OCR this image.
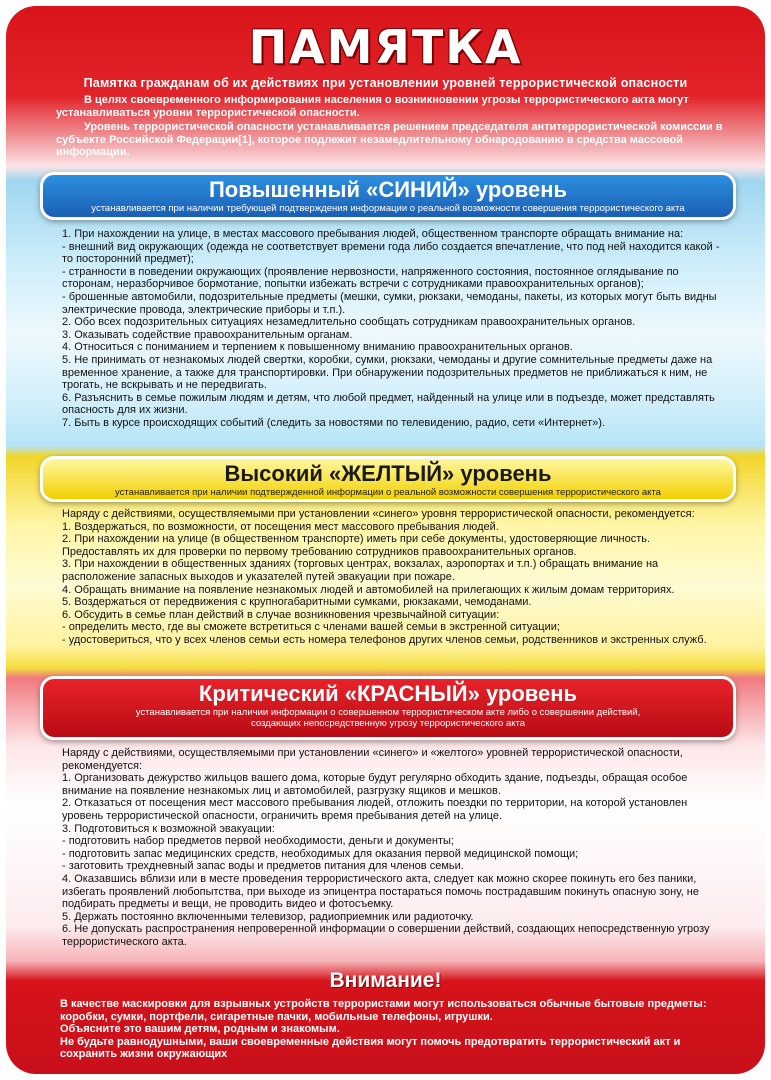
ПАМЯТКА
Памятка гражданам об их действиях при установлении уровней террористической опасности

В целях своевременного информирования населения о возникновении угрозы террористического акта могут устанавливаться уровни террористической опасности.

Уровень террористической опасности устанавливается решением председателя антитеррористической комиссии в субъекте Российской Федерации[1], которое подлежит незамедлительному обнародованию в средства массовой информации.

Повышенный «СИНИЙ» уровень
устанавливается при наличии требующей подтверждения информации о реальной возможности совершения террористического акта
1. При нахождении на улице, в местах массового пребывания людей, общественном транспорте обращать внимание на:
- внешний вид окружающих (одежда не соответствует времени года либо создается впечатление, что под ней находится какой - то посторонний предмет);
- странности в поведении окружающих (проявление нервозности, напряженного состояния, постоянное оглядывание по сторонам, неразборчивое бормотание, попытки избежать встречи с сотрудниками правоохранительных органов);
- брошенные автомобили, подозрительные предметы (мешки, сумки, рюкзаки, чемоданы, пакеты, из которых могут быть видны электрические провода, электрические приборы и т.п.).
2. Обо всех подозрительных ситуациях незамедлительно сообщать сотрудникам правоохранительных органов.
3. Оказывать содействие правоохранительным органам.
4. Относиться с пониманием и терпением к повышенному вниманию правоохранительных органов.
5. Не принимать от незнакомых людей свертки, коробки, сумки, рюкзаки, чемоданы и другие сомнительные предметы даже на временное хранение, а также для транспортировки. При обнаружении подозрительных предметов не приближаться к ним, не трогать, не вскрывать и не передвигать.
6. Разъяснить в семье пожилым людям и детям, что любой предмет, найденный на улице или в подъезде, может представлять опасность для их жизни.
7. Быть в курсе происходящих событий (следить за новостями по телевидению, радио, сети «Интернет»).
Высокий «ЖЕЛТЫЙ» уровень
устанавливается при наличии подтвержденной информации о реальной возможности совершения террористического акта
Наряду с действиями, осуществляемыми при установлении «синего» уровня террористической опасности, рекомендуется:
1. Воздержаться, по возможности, от посещения мест массового пребывания людей.
2. При нахождении на улице (в общественном транспорте) иметь при себе документы, удостоверяющие личность. Предоставлять их для проверки по первому требованию сотрудников правоохранительных органов.
3. При нахождении в общественных зданиях (торговых центрах, вокзалах, аэропортах и т.п.) обращать внимание на расположение запасных выходов и указателей путей эвакуации при пожаре.
4. Обращать внимание на появление незнакомых людей и автомобилей на прилегающих к жилым домам территориях.
5. Воздержаться от передвижения с крупногабаритными сумками, рюкзаками, чемоданами.
6. Обсудить в семье план действий в случае возникновения чрезвычайной ситуации:
- определить место, где вы сможете встретиться с членами вашей семьи в экстренной ситуации;
- удостовериться, что у всех членов семьи есть номера телефонов других членов семьи, родственников и экстренных служб.
Критический «КРАСНЫЙ» уровень
устанавливается при наличии информации о совершенном террористическом акте либо о совершении действий,
создающих непосредственную угрозу террористического акта
Наряду с действиями, осуществляемыми при установлении «синего» и «желтого» уровней террористической опасности, рекомендуется:
1. Организовать дежурство жильцов вашего дома, которые будут регулярно обходить здание, подъезды, обращая особое внимание на появление незнакомых лиц и автомобилей, разгрузку ящиков и мешков.
2. Отказаться от посещения мест массового пребывания людей, отложить поездки по территории, на которой установлен уровень террористической опасности, ограничить время пребывания детей на улице.
3. Подготовиться к возможной эвакуации:
- подготовить набор предметов первой необходимости, деньги и документы;
- подготовить запас медицинских средств, необходимых для оказания первой медицинской помощи;
- заготовить трехдневный запас воды и предметов питания для членов семьи.
4. Оказавшись вблизи или в месте проведения террористического акта, следует как можно скорее покинуть его без паники, избегать проявлений любопытства, при выходе из эпицентра постараться помочь пострадавшим покинуть опасную зону, не подбирать предметы и вещи, не проводить видео и фотосъемку.
5. Держать постоянно включенными телевизор, радиоприемник или радиоточку.
6. Не допускать распространения непроверенной информации о совершении действий, создающих непосредственную угрозу террористического акта.
Внимание!
В качестве маскировки для взрывных устройств террористами могут использоваться обычные бытовые предметы: коробки, сумки, портфели, сигаретные пачки, мобильные телефоны, игрушки.
Объясните это вашим детям, родным и знакомым.
Не будьте равнодушными, ваши своевременные действия могут помочь предотвратить террористический акт и сохранить жизни окружающих
